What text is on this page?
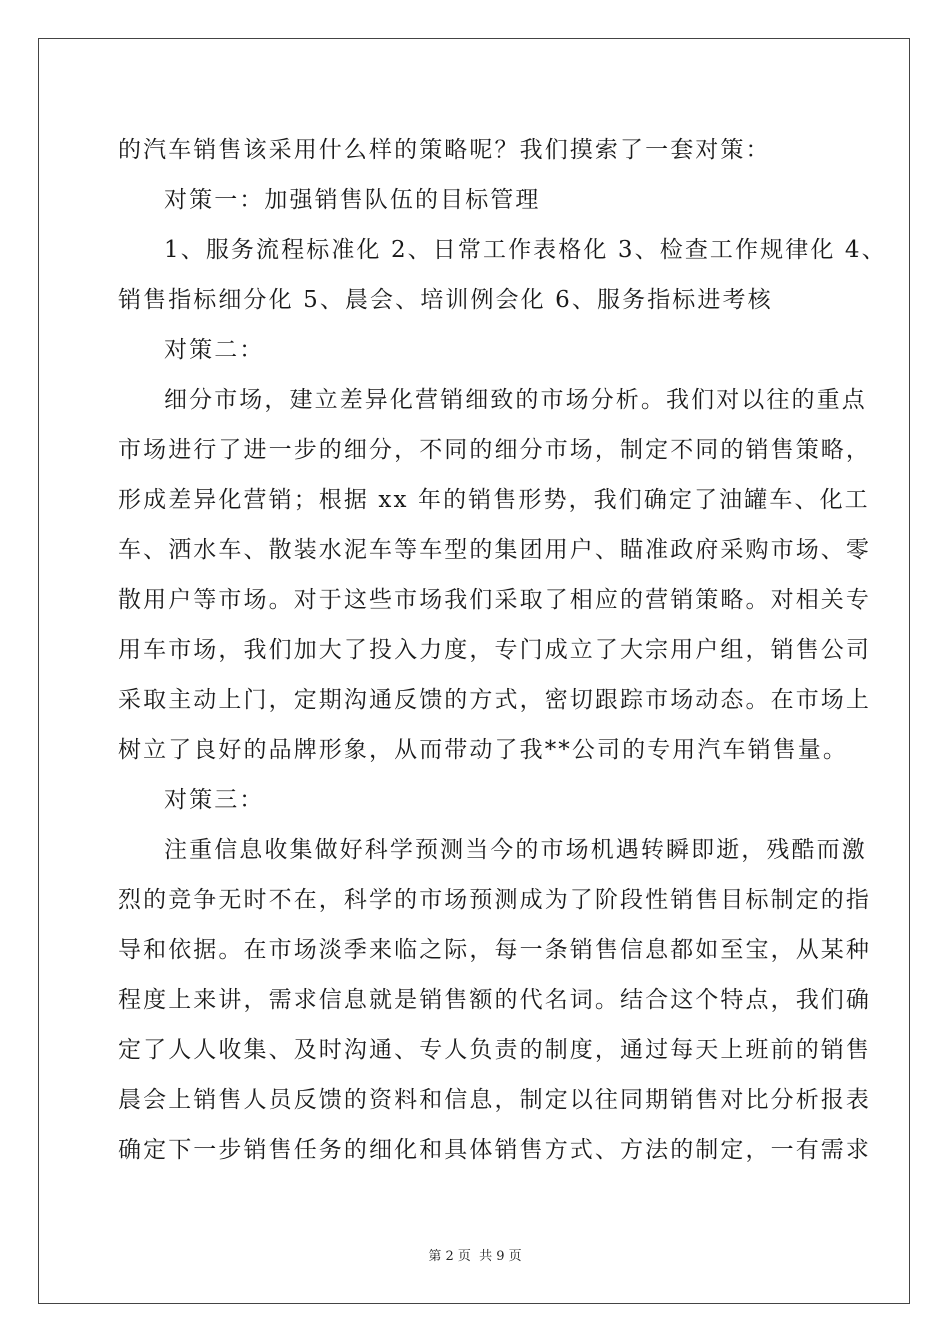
的汽车销售该采用什么样的策略呢？我们摸索了一套对策：
对策一：加强销售队伍的目标管理
1、服务流程标准化 2、日常工作表格化 3、检查工作规律化 4、
销售指标细分化 5、晨会、培训例会化 6、服务指标进考核
对策二：
细分市场，建立差异化营销细致的市场分析。我们对以往的重点
市场进行了进一步的细分，不同的细分市场，制定不同的销售策略，
形成差异化营销；根据 xx 年的销售形势，我们确定了油罐车、化工
车、洒水车、散装水泥车等车型的集团用户、瞄准政府采购市场、零
散用户等市场。对于这些市场我们采取了相应的营销策略。对相关专
用车市场，我们加大了投入力度，专门成立了大宗用户组，销售公司
采取主动上门，定期沟通反馈的方式，密切跟踪市场动态。在市场上
树立了良好的品牌形象，从而带动了我**公司的专用汽车销售量。
对策三：
注重信息收集做好科学预测当今的市场机遇转瞬即逝，残酷而激
烈的竞争无时不在，科学的市场预测成为了阶段性销售目标制定的指
导和依据。在市场淡季来临之际，每一条销售信息都如至宝，从某种
程度上来讲，需求信息就是销售额的代名词。结合这个特点，我们确
定了人人收集、及时沟通、专人负责的制度，通过每天上班前的销售
晨会上销售人员反馈的资料和信息，制定以往同期销售对比分析报表
确定下一步销售任务的细化和具体销售方式、方法的制定，一有需求
第 2 页 共 9 页
